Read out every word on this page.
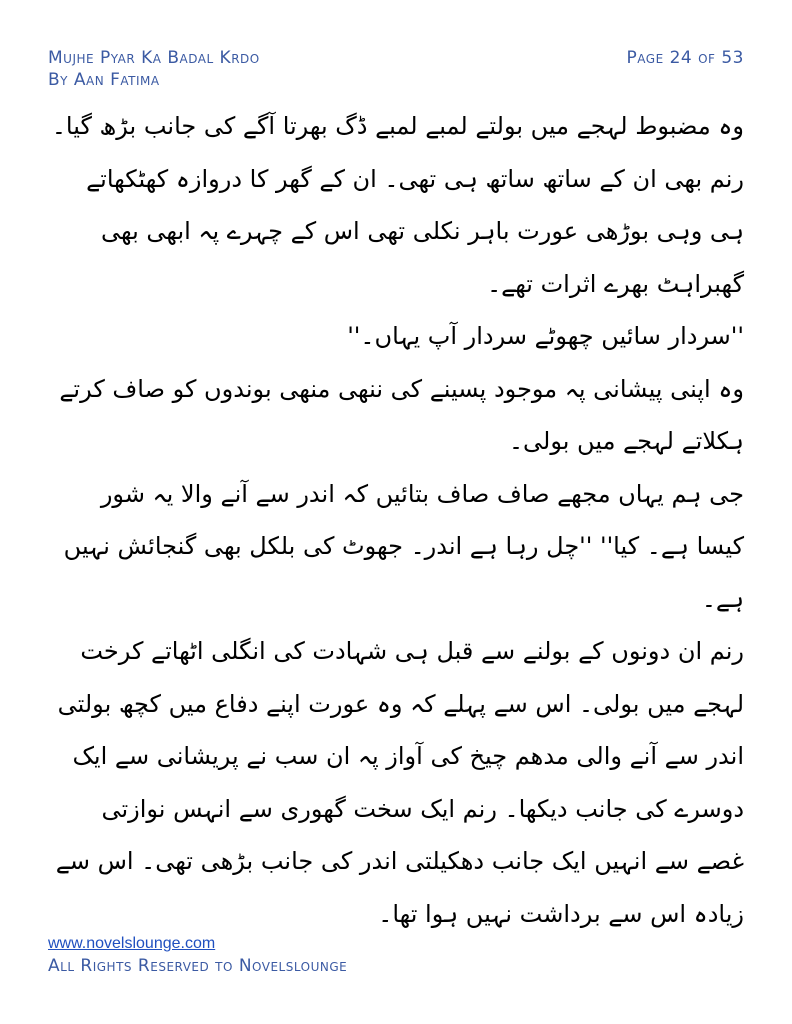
Mujhe Pyar Ka Badal Krdo
By Aan Fatima
Page 24 of 53

وہ مضبوط لہجے میں بولتے لمبے لمبے ڈگ بھرتا آگے کی جانب بڑھ گیا۔ رنم بھی ان کے ساتھ ساتھ ہی تھی۔ ان کے گھر کا دروازہ کھٹکھاتے ہی وہی بوڑھی عورت باہر نکلی تھی اس کے چہرے پہ ابھی بھی گھبراہٹ بھرے اثرات تھے۔

''سردار سائیں چھوٹے سردار آپ یہاں۔''

وہ اپنی پیشانی پہ موجود پسینے کی ننھی منھی بوندوں کو صاف کرتے ہکلاتے لہجے میں بولی۔

جی ہم یہاں مجھے صاف صاف بتائیں کہ اندر سے آنے والا یہ شور کیسا ہے۔ کیا'' ''چل رہا ہے اندر۔ جھوٹ کی بلکل بھی گنجائش نہیں ہے۔

رنم ان دونوں کے بولنے سے قبل ہی شہادت کی انگلی اٹھاتے کرخت لہجے میں بولی۔ اس سے پہلے کہ وہ عورت اپنے دفاع میں کچھ بولتی اندر سے آنے والی مدھم چیخ کی آواز پہ ان سب نے پریشانی سے ایک دوسرے کی جانب دیکھا۔ رنم ایک سخت گھوری سے انہس نوازتی غصے سے انہیں ایک جانب دھکیلتی اندر کی جانب بڑھی تھی۔ اس سے زیادہ اس سے برداشت نہیں ہوا تھا۔

www.novelslounge.com
All Rights Reserved to Novelslounge
